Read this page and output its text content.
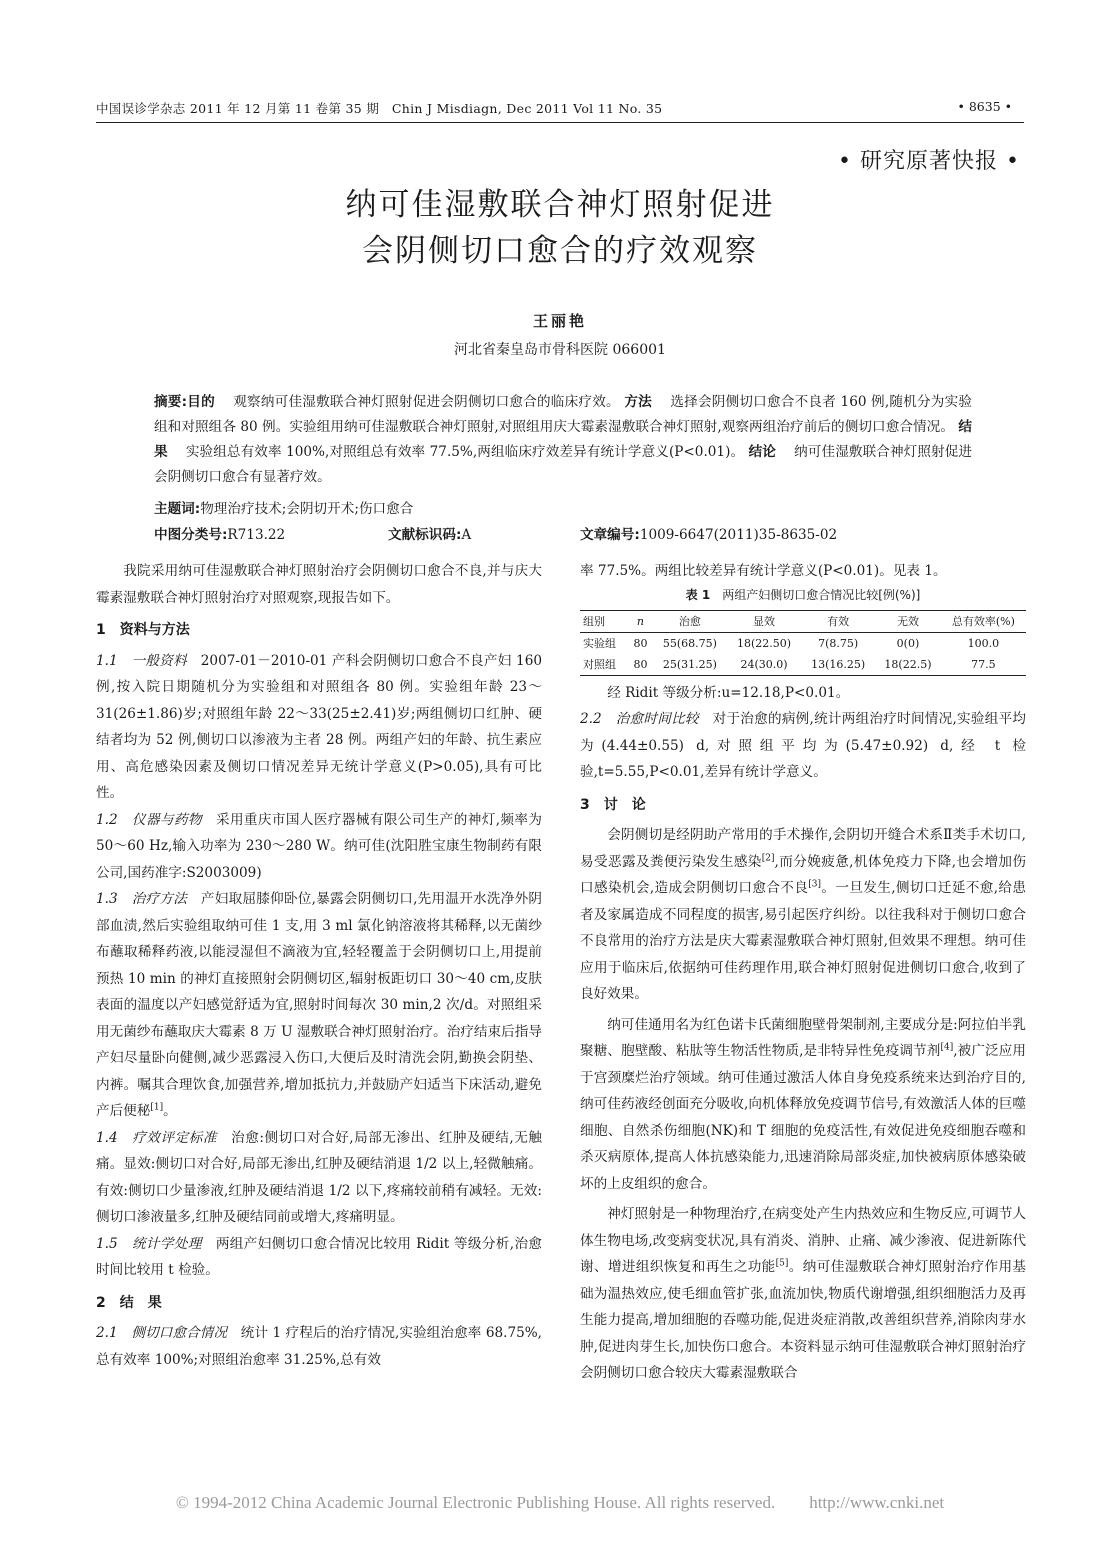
中国误诊学杂志 2011 年 12 月第 11 卷第 35 期　Chin J Misdiagn, Dec 2011 Vol 11 No. 35	• 8635 •
• 研究原著快报 •
纳可佳湿敷联合神灯照射促进
会阴侧切口愈合的疗效观察
王丽艳
河北省秦皇岛市骨科医院 066001
摘要:目的　 观察纳可佳湿敷联合神灯照射促进会阴侧切口愈合的临床疗效。 方法　 选择会阴侧切口愈合不良者 160 例,随机分为实验组和对照组各 80 例。实验组用纳可佳湿敷联合神灯照射,对照组用庆大霉素湿敷联合神灯照射,观察两组治疗前后的侧切口愈合情况。 结果　 实验组总有效率 100%,对照组总有效率 77.5%,两组临床疗效差异有统计学意义(P<0.01)。 结论　 纳可佳湿敷联合神灯照射促进会阴侧切口愈合有显著疗效。
主题词:物理治疗技术;会阴切开术;伤口愈合
中图分类号:R713.22	文献标识码:A	文章编号:1009-6647(2011)35-8635-02

我院采用纳可佳湿敷联合神灯照射治疗会阴侧切口愈合不良,并与庆大霉素湿敷联合神灯照射治疗对照观察,现报告如下。

1　资料与方法

1.1　一般资料　 2007-01－2010-01 产科会阴侧切口愈合不良产妇 160 例,按入院日期随机分为实验组和对照组各 80 例。实验组年龄 23～31(26±1.86)岁;对照组年龄 22～33(25±2.41)岁;两组侧切口红肿、硬结者均为 52 例,侧切口以渗液为主者 28 例。两组产妇的年龄、抗生素应用、高危感染因素及侧切口情况差异无统计学意义(P>0.05),具有可比性。

1.2　仪器与药物　 采用重庆市国人医疗器械有限公司生产的神灯,频率为 50～60 Hz,输入功率为 230～280 W。纳可佳(沈阳胜宝康生物制药有限公司,国药准字:S2003009)

1.3　治疗方法　 产妇取屈膝仰卧位,暴露会阴侧切口,先用温开水洗净外阴部血渍,然后实验组取纳可佳 1 支,用 3 ml 氯化钠溶液将其稀释,以无菌纱布蘸取稀释药液,以能浸湿但不滴液为宜,轻轻覆盖于会阴侧切口上,用提前预热 10 min 的神灯直接照射会阴侧切区,辐射板距切口 30～40 cm,皮肤表面的温度以产妇感觉舒适为宜,照射时间每次 30 min,2 次/d。对照组采用无菌纱布蘸取庆大霉素 8 万 U 湿敷联合神灯照射治疗。治疗结束后指导产妇尽量卧向健侧,减少恶露浸入伤口,大便后及时清洗会阴,勤换会阴垫、内裤。嘱其合理饮食,加强营养,增加抵抗力,并鼓励产妇适当下床活动,避免产后便秘[1]。

1.4　疗效评定标准　 治愈:侧切口对合好,局部无渗出、红肿及硬结,无触痛。显效:侧切口对合好,局部无渗出,红肿及硬结消退 1/2 以上,轻微触痛。有效:侧切口少量渗液,红肿及硬结消退 1/2 以下,疼痛较前稍有减轻。无效:侧切口渗液量多,红肿及硬结同前或增大,疼痛明显。

1.5　统计学处理　 两组产妇侧切口愈合情况比较用 Ridit 等级分析,治愈时间比较用 t 检验。

2　结　果

2.1　侧切口愈合情况　 统计 1 疗程后的治疗情况,实验组治愈率 68.75%,总有效率 100%;对照组治愈率 31.25%,总有效

率 77.5%。两组比较差异有统计学意义(P<0.01)。见表 1。

表 1 两组产妇侧切口愈合情况比较[例(%)]
组别	n	治愈	显效	有效	无效	总有效率(%)
实验组	80	55(68.75)	18(22.50)	7(8.75)	0(0)	100.0
对照组	80	25(31.25)	24(30.0)	13(16.25)	18(22.5)	77.5

经 Ridit 等级分析:u=12.18,P<0.01。

2.2　治愈时间比较　 对于治愈的病例,统计两组治疗时间情况,实验组平均为(4.44±0.55) d,对照组平均为(5.47±0.92) d,经 t 检验,t=5.55,P<0.01,差异有统计学意义。

3　讨　论

会阴侧切是经阴助产常用的手术操作,会阴切开缝合术系Ⅱ类手术切口,易受恶露及粪便污染发生感染[2],而分娩疲惫,机体免疫力下降,也会增加伤口感染机会,造成会阴侧切口愈合不良[3]。一旦发生,侧切口迁延不愈,给患者及家属造成不同程度的损害,易引起医疗纠纷。以往我科对于侧切口愈合不良常用的治疗方法是庆大霉素湿敷联合神灯照射,但效果不理想。纳可佳应用于临床后,依据纳可佳药理作用,联合神灯照射促进侧切口愈合,收到了良好效果。

纳可佳通用名为红色诺卡氏菌细胞壁骨架制剂,主要成分是:阿拉伯半乳聚糖、胞壁酸、粘肽等生物活性物质,是非特异性免疫调节剂[4],被广泛应用于宫颈糜烂治疗领域。纳可佳通过激活人体自身免疫系统来达到治疗目的,纳可佳药液经创面充分吸收,向机体释放免疫调节信号,有效激活人体的巨噬细胞、自然杀伤细胞(NK)和 T 细胞的免疫活性,有效促进免疫细胞吞噬和杀灭病原体,提高人体抗感染能力,迅速消除局部炎症,加快被病原体感染破坏的上皮组织的愈合。

神灯照射是一种物理治疗,在病变处产生内热效应和生物反应,可调节人体生物电场,改变病变状况,具有消炎、消肿、止痛、减少渗液、促进新陈代谢、增进组织恢复和再生之功能[5]。纳可佳湿敷联合神灯照射治疗作用基础为温热效应,使毛细血管扩张,血流加快,物质代谢增强,组织细胞活力及再生能力提高,增加细胞的吞噬功能,促进炎症消散,改善组织营养,消除肉芽水肿,促进肉芽生长,加快伤口愈合。本资料显示纳可佳湿敷联合神灯照射治疗会阴侧切口愈合较庆大霉素湿敷联合

© 1994-2012 China Academic Journal Electronic Publishing House. All rights reserved.　　http://www.cnki.net
